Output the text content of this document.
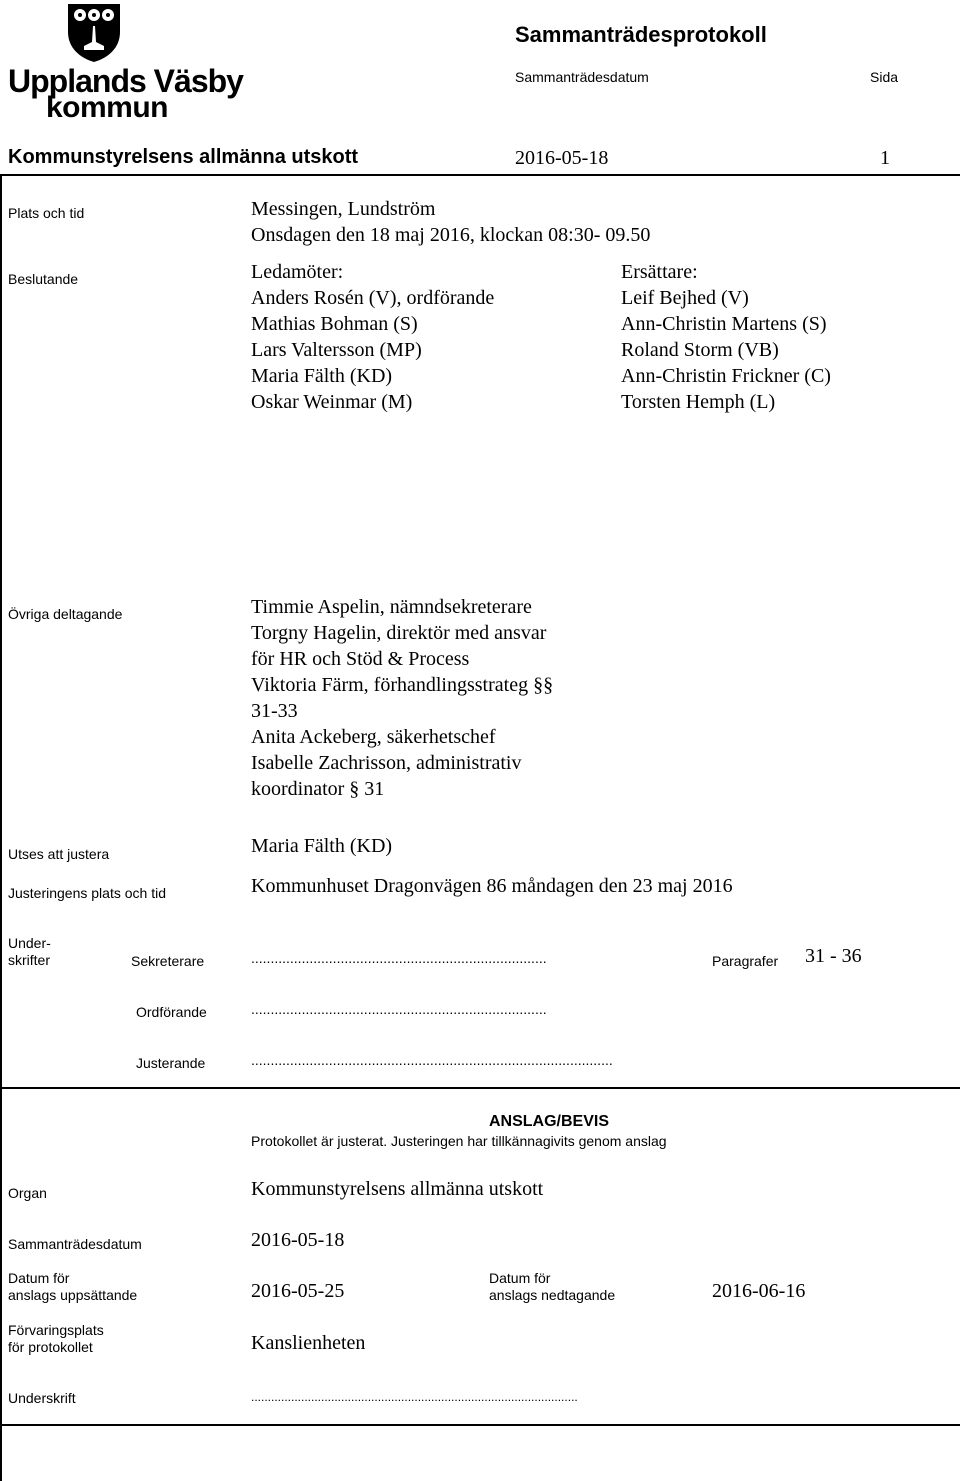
Upplands Väsby
kommun
Sammanträdesprotokoll
Sammanträdesdatum	Sida
Kommunstyrelsens allmänna utskott	2016-05-18	1
Plats och tid	Messingen, Lundström
Onsdagen den 18 maj 2016, klockan 08:30- 09.50
Beslutande	Ledamöter:
Anders Rosén (V), ordförande
Mathias Bohman (S)
Lars Valtersson (MP)
Maria Fälth (KD)
Oskar Weinmar (M)
Ersättare:
Leif Bejhed (V)
Ann-Christin Martens (S)
Roland Storm (VB)
Ann-Christin Frickner (C)
Torsten Hemph (L)
Övriga deltagande	Timmie Aspelin, nämndsekreterare
Torgny Hagelin, direktör med ansvar
för HR och Stöd & Process
Viktoria Färm, förhandlingsstrateg §§
31-33
Anita Ackeberg, säkerhetschef
Isabelle Zachrisson, administrativ
koordinator § 31
Utses att justera	Maria Fälth (KD)
Justeringens plats och tid	Kommunhuset Dragonvägen 86 måndagen den 23 maj 2016
Under-
skrifter	Sekreterare	............................................................................	Paragrafer 31 - 36
Ordförande	............................................................................
Justerande	.............................................................................................
ANSLAG/BEVIS
Protokollet är justerat. Justeringen har tillkännagivits genom anslag
Organ	Kommunstyrelsens allmänna utskott
Sammanträdesdatum	2016-05-18
Datum för
anslags uppsättande	2016-05-25
Datum för
anslags nedtagande	2016-06-16
Förvaringsplats
för protokollet	Kanslienheten
Underskrift	..................................................................................................
